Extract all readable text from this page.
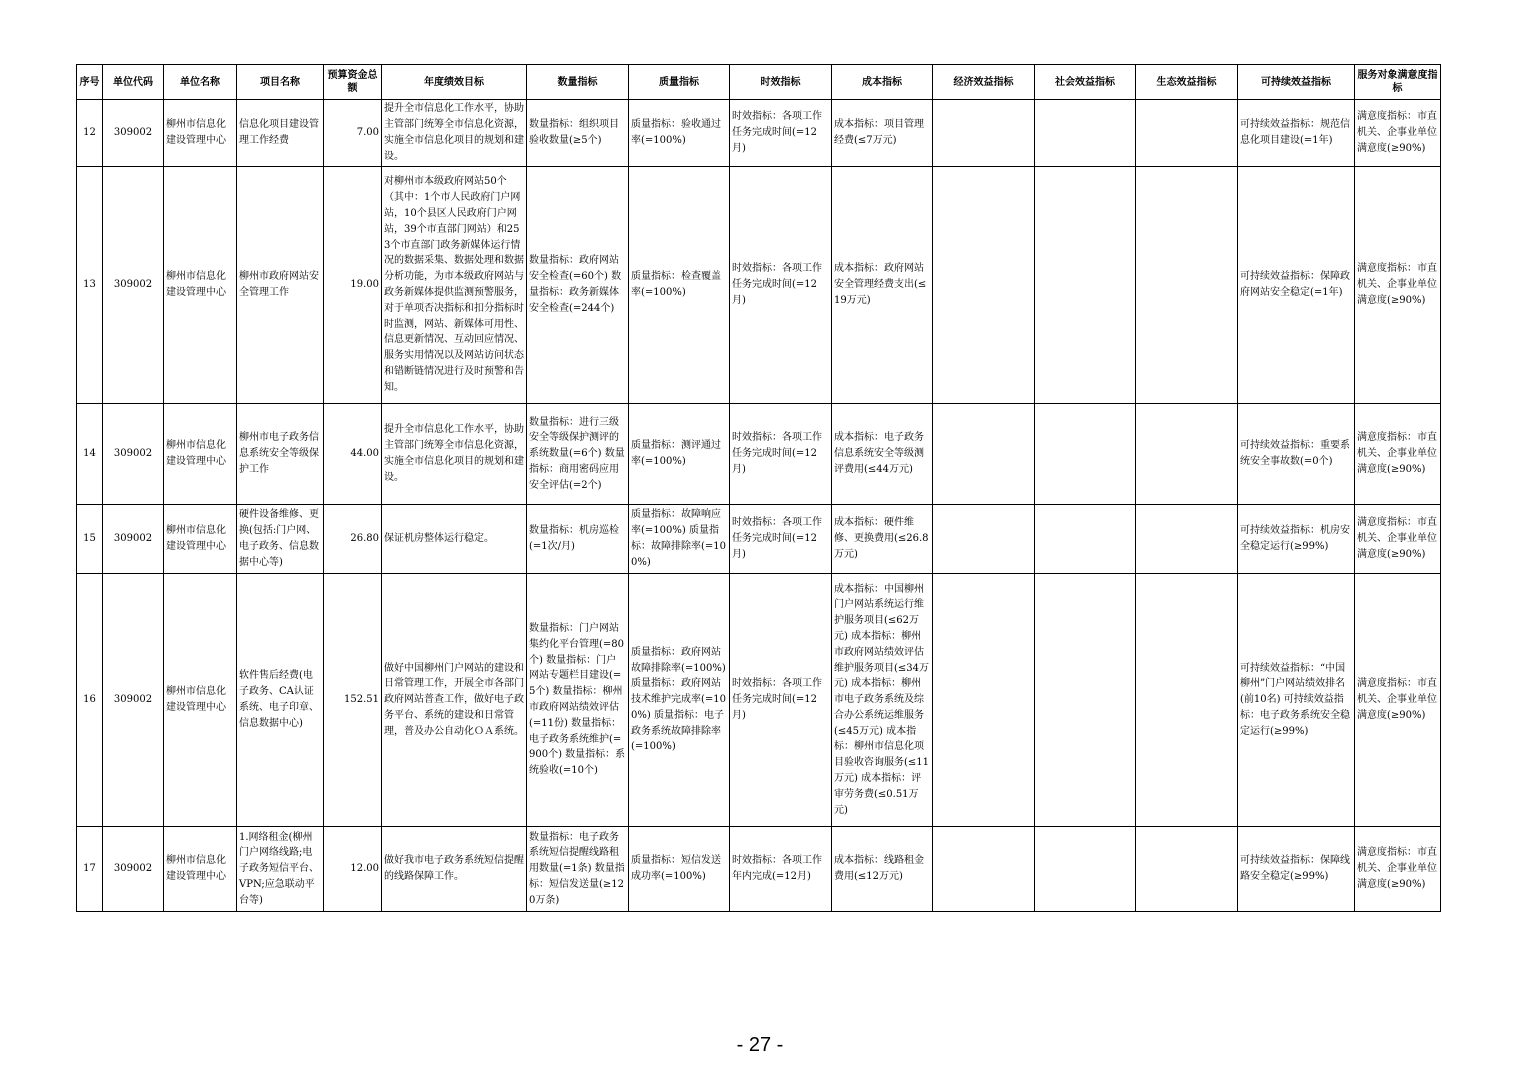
序号	单位代码	单位名称	项目名称	预算资金总额	年度绩效目标	数量指标	质量指标	时效指标	成本指标	经济效益指标	社会效益指标	生态效益指标	可持续效益指标	服务对象满意度指标
12	309002	柳州市信息化建设管理中心	信息化项目建设管理工作经费	7.00	提升全市信息化工作水平，协助主管部门统筹全市信息化资源，实施全市信息化项目的规划和建设。	数量指标：组织项目验收数量(≥5个)	质量指标：验收通过率(=100%)	时效指标：各项工作任务完成时间(=12月)	成本指标：项目管理经费(≤7万元)				可持续效益指标：规范信息化项目建设(=1年)	满意度指标：市直机关、企事业单位满意度(≥90%)
13	309002	柳州市信息化建设管理中心	柳州市政府网站安全管理工作	19.00	对柳州市本级政府网站50个（其中：1个市人民政府门户网站，10个县区人民政府门户网站，39个市直部门网站）和253个市直部门政务新媒体运行情况的数据采集、数据处理和数据分析功能，为市本级政府网站与政务新媒体提供监测预警服务，对于单项否决指标和扣分指标时时监测，网站、新媒体可用性、信息更新情况、互动回应情况、服务实用情况以及网站访问状态和错断链情况进行及时预警和告知。	数量指标：政府网站安全检查(=60个) 数量指标：政务新媒体安全检查(=244个)	质量指标：检查覆盖率(=100%)	时效指标：各项工作任务完成时间(=12月)	成本指标：政府网站安全管理经费支出(≤19万元)				可持续效益指标：保障政府网站安全稳定(=1年)	满意度指标：市直机关、企事业单位满意度(≥90%)
14	309002	柳州市信息化建设管理中心	柳州市电子政务信息系统安全等级保护工作	44.00	提升全市信息化工作水平，协助主管部门统筹全市信息化资源，实施全市信息化项目的规划和建设。	数量指标：进行三级安全等级保护测评的系统数量(=6个) 数量指标：商用密码应用安全评估(=2个)	质量指标：测评通过率(=100%)	时效指标：各项工作任务完成时间(=12月)	成本指标：电子政务信息系统安全等级测评费用(≤44万元)				可持续效益指标：重要系统安全事故数(=0个)	满意度指标：市直机关、企事业单位满意度(≥90%)
15	309002	柳州市信息化建设管理中心	硬件设备维修、更换(包括:门户网、电子政务、信息数据中心等)	26.80	保证机房整体运行稳定。	数量指标：机房巡检(=1次/月)	质量指标：故障响应率(=100%) 质量指标：故障排除率(=100%)	时效指标：各项工作任务完成时间(=12月)	成本指标：硬件维修、更换费用(≤26.8万元)				可持续效益指标：机房安全稳定运行(≥99%)	满意度指标：市直机关、企事业单位满意度(≥90%)
16	309002	柳州市信息化建设管理中心	软件售后经费(电子政务、CA认证系统、电子印章、信息数据中心)	152.51	做好中国柳州门户网站的建设和日常管理工作，开展全市各部门政府网站普查工作，做好电子政务平台、系统的建设和日常管理，普及办公自动化ＯＡ系统。	数量指标：门户网站集约化平台管理(=80个) 数量指标：门户网站专题栏目建设(=5个) 数量指标：柳州市政府网站绩效评估(=11份) 数量指标：电子政务系统维护(=900个) 数量指标：系统验收(=10个)	质量指标：政府网站故障排除率(=100%) 质量指标：政府网站技术维护完成率(=100%) 质量指标：电子政务系统故障排除率(=100%)	时效指标：各项工作任务完成时间(=12月)	成本指标：中国柳州门户网站系统运行维护服务项目(≤62万元) 成本指标：柳州市政府网站绩效评估维护服务项目(≤34万元) 成本指标：柳州市电子政务系统及综合办公系统运维服务(≤45万元) 成本指标：柳州市信息化项目验收咨询服务(≤11万元) 成本指标：评审劳务费(≤0.51万元)				可持续效益指标：“中国柳州”门户网站绩效排名(前10名) 可持续效益指标：电子政务系统安全稳定运行(≥99%)	满意度指标：市直机关、企事业单位满意度(≥90%)
17	309002	柳州市信息化建设管理中心	1.网络租金(柳州门户网络线路;电子政务短信平台、VPN;应急联动平台等)	12.00	做好我市电子政务系统短信提醒的线路保障工作。	数量指标：电子政务系统短信提醒线路租用数量(=1条) 数量指标：短信发送量(≥120万条)	质量指标：短信发送成功率(=100%)	时效指标：各项工作年内完成(=12月)	成本指标：线路租金费用(≤12万元)				可持续效益指标：保障线路安全稳定(≥99%)	满意度指标：市直机关、企事业单位满意度(≥90%)
- 27 -
